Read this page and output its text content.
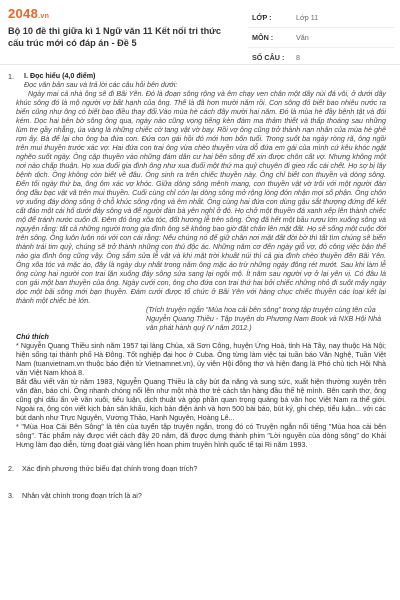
2048.vn
Bộ 10 đề thi giữa kì 1 Ngữ văn 11 Kết nối tri thức cấu trúc mới có đáp án - Đề 5
LỚP :	Lớp 11
MÔN :	Văn
SỐ CÂU :	8
1.	I. Đọc hiểu (4,0 điểm)
Đọc văn bản sau và trả lời các câu hỏi bên dưới:

Ngày mai cả nhà ông sẽ đi Bãi Yên. Đó là đoạn sông rộng và êm chạy ven chân một dãy núi đá vôi, ở dưới dãy khúc sông đó là mộ người vợ bất hạnh của ông. Thế là đã hơn mười năm rồi. Con sông đỏ biết bao nhiêu nước ra biển cũng như ông có biết bao điều thay đổi.Vào mùa hè cách đây mười hai năm. Đó là mùa hè đầy bệnh tật và đói kém. Dọc hai bên bờ sông ông qua, ngày nào cũng vọng tiếng kèn đám ma thảm thiết và thấp thoáng sau những lùm tre gầy nhẵng, úa vàng là những chiếc cờ tang vật vờ bay. Rồi vợ ông cũng trở thành nạn nhân của mùa hè ghê rợn ấy. Bà để lại cho ông ba đứa con. Đứa con gái hồi đó mới hơn bốn tuổi. Trong suốt ba ngày ròng rã, ông ngồi trên mui thuyền trước xác vợ. Hai đứa con trai ông vừa chèo thuyền vừa dỗ đứa em gái của mình cứ kêu khóc ngặt nghẽo suốt ngày. Ông cặp thuyền vào những đám dân cư hai bên sông để xin được chôn cất vợ. Nhưng không một nơi nào chấp thuận. Họ xua đuổi gia đình ông như xua đuổi một thứ ma quỷ chuyên đi gieo rắc cái chết. Họ sợ bị lây bệnh dịch. Ông không còn biết về đâu. Ông sinh ra trên chiếc thuyền này. Ông chỉ biết con thuyền và dòng sông. Đến tối ngày thứ ba, ông ôm xác vợ khóc. Giữa dòng sông mênh mang, con thuyền vật vờ trôi với một người đàn ông đầu bạc vật vã trên mui thuyền. Cuối cùng chỉ còn lại dòng sông mở rộng lòng đón nhận mọi số phận. Ông chôn vợ xuống đáy dòng sông ở chỗ khúc sông rộng và êm nhất. Ông cùng hai đứa con dùng gậu sắt thượng đứng để kết cất đáo một cái hố dưới đáy sông và để người đàn bà yên nghỉ ở đó. Họ chở một thuyền đá xanh xếp lên thành chiếc mộ để tránh nước cuốn đi. Đêm đó ông xõa tóc, đốt hương lễ trên sông. Ông đã hết một bầu rượu lớn xuống sông và nguyện rằng: tất cả những người trong gia đình ông sẽ không bao giờ đặt chân lên mặt đất. Họ sẽ sống một cuộc đời trên sông. Ông luôn luôn nói với con cái rằng: Nếu chúng nó để giữ chân nơi mặt đất đời bờ thì tất tìm chúng sẽ biến thành trái tim quỷ, chúng sẽ trở thành những con thú độc ác. Những năm cơ đến ngày giỗ vợ, đó công việc bận thể nào gia đình ông cũng vậy. Ông sắm sửa lễ vật và khi mặt trời khuất núi thì cả gia đình chèo thuyền đến Bãi Yên. Ông xõa tóc và mặc áo, đây là ngày duy nhất trong năm ông mặc áo trừ những ngày đông rét mướt. Sau khi làm lễ ông cùng hai người con trai lặn xuống đáy sông sửa sang lại ngôi mộ. Ít năm sau người vợ ở lại yên vị. Có đâu là con gái một ban thuyền của ông. Ngày cưới con, ông cho đứa con trai thứ hai bởi chiếc những nhỏ đi suốt mấy ngày dọc một bãi sông mới bạn thuyền. Đám cưới được tổ chức ở Bãi Yên với hàng chục chiếc thuyền các loại kết lại thành một chiếc bè lớn.

(Trích truyện ngắn “Mùa hoa cải bên sông” trong tập truyện cùng tên của Nguyễn Quang Thiều - Tập truyện do Phương Nam Book và NXB Hội Nhà văn phát hành quý IV năm 2012.)

Chú thích

* Nguyễn Quang Thiều sinh năm 1957 tại làng Chùa, xã Sơn Công, huyện Ứng Hoà, tỉnh Hà Tây, nay thuộc Hà Nội; hiện sống tại thành phố Hà Đông. Tốt nghiệp đại học ở Cuba. Ông từng làm việc tại tuần báo Văn Nghệ, Tuần Việt Nam (tuanvietnam.vn thuộc báo điện tử Vietnamnet.vn), ủy viên Hội đồng thơ và hiện đang là Phó chủ tịch Hội Nhà văn Việt Nam khoá 8.

Bắt đầu viết văn từ năm 1983, Nguyễn Quang Thiều là cây bút đa năng và sung sức, xuất hiện thường xuyên trên văn đàn, báo chí. Ông nhanh chóng nổi lên như một nhà thơ trẻ cách tân hàng đầu thế hệ mình. Bên cạnh thơ, ông cũng ghi dấu ấn về văn xuôi, tiểu luận, dịch thuật và góp phần quan trọng quảng bá văn học Việt Nam ra thế giới. Ngoài ra, ông còn viết kịch bản sân khấu, kịch bản điện ảnh và hơn 500 bài báo, bút ký, ghi chép, tiểu luận... với các bút danh như Trực Nguyên, Vương Thảo, Hạnh Nguyên, Hoàng Lê...

* "Mùa Hoa Cải Bên Sông" là tên của tuyển tập truyện ngắn, trong đó có Truyện ngắn nổi tiếng "Mùa hoa cải bên sông". Tác phẩm này được viết cách đây 20 năm, đã được dựng thành phim "Lời nguyền của dòng sông" do Khải Hưng làm đạo diễn, từng đoạt giải vàng liên hoan phim truyền hình quốc tế tại Ri năm 1993.

2. Xác định phương thức biểu đạt chính trong đoạn trích?
3. Nhân vật chính trong đoạn trích là ai?
